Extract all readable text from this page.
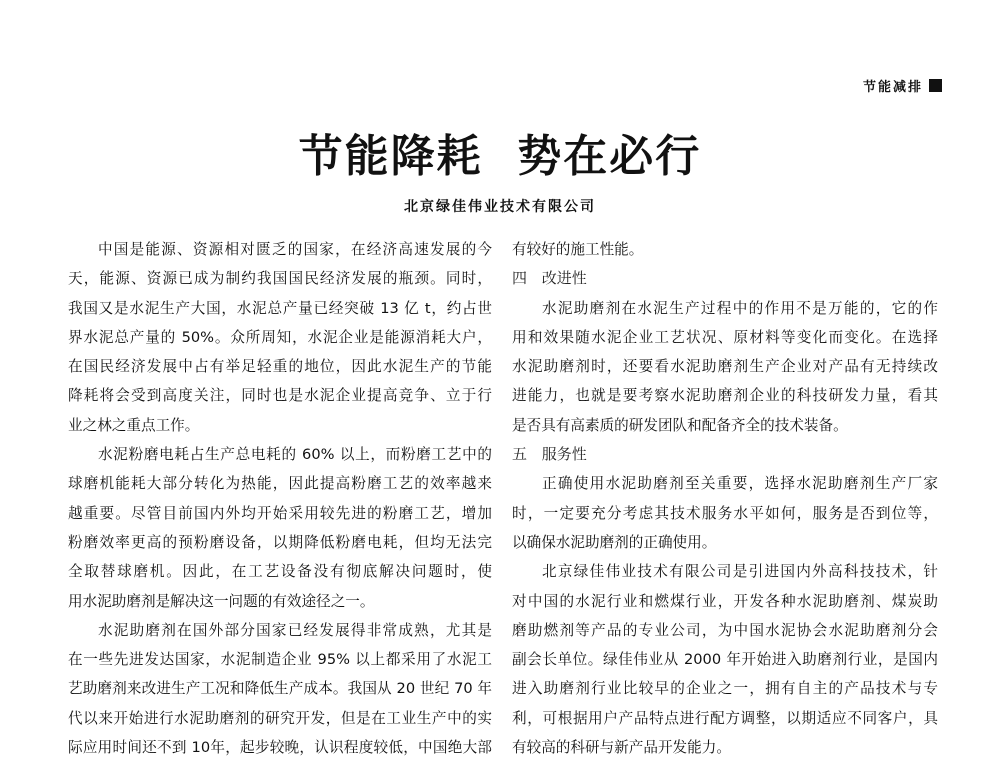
节能减排
节能降耗  势在必行
北京绿佳伟业技术有限公司
中国是能源、资源相对匮乏的国家，在经济高速发展的今
天，能源、资源已成为制约我国国民经济发展的瓶颈。同时，
我国又是水泥生产大国，水泥总产量已经突破 13 亿 t，约占世
界水泥总产量的 50%。众所周知，水泥企业是能源消耗大户，
在国民经济发展中占有举足轻重的地位，因此水泥生产的节能
降耗将会受到高度关注，同时也是水泥企业提高竞争、立于行
业之林之重点工作。
水泥粉磨电耗占生产总电耗的 60% 以上，而粉磨工艺中的
球磨机能耗大部分转化为热能，因此提高粉磨工艺的效率越来
越重要。尽管目前国内外均开始采用较先进的粉磨工艺，增加
粉磨效率更高的预粉磨设备，以期降低粉磨电耗，但均无法完
全取替球磨机。因此，在工艺设备没有彻底解决问题时，使
用水泥助磨剂是解决这一问题的有效途径之一。
水泥助磨剂在国外部分国家已经发展得非常成熟，尤其是
在一些先进发达国家，水泥制造企业 95% 以上都采用了水泥工
艺助磨剂来改进生产工况和降低生产成本。我国从 20 世纪 70 年
代以来开始进行水泥助磨剂的研究开发，但是在工业生产中的实
际应用时间还不到 10年，起步较晚，认识程度较低，中国绝大部
有较好的施工性能。
四 改进性
水泥助磨剂在水泥生产过程中的作用不是万能的，它的作
用和效果随水泥企业工艺状况、原材料等变化而变化。在选择
水泥助磨剂时，还要看水泥助磨剂生产企业对产品有无持续改
进能力，也就是要考察水泥助磨剂企业的科技研发力量，看其
是否具有高素质的研发团队和配备齐全的技术装备。
五 服务性
正确使用水泥助磨剂至关重要，选择水泥助磨剂生产厂家
时，一定要充分考虑其技术服务水平如何，服务是否到位等，
以确保水泥助磨剂的正确使用。
北京绿佳伟业技术有限公司是引进国内外高科技技术，针
对中国的水泥行业和燃煤行业，开发各种水泥助磨剂、煤炭助
磨助燃剂等产品的专业公司，为中国水泥协会水泥助磨剂分会
副会长单位。绿佳伟业从 2000 年开始进入助磨剂行业，是国内
进入助磨剂行业比较早的企业之一，拥有自主的产品技术与专
利，可根据用户产品特点进行配方调整，以期适应不同客户，具
有较高的科研与新产品开发能力。
